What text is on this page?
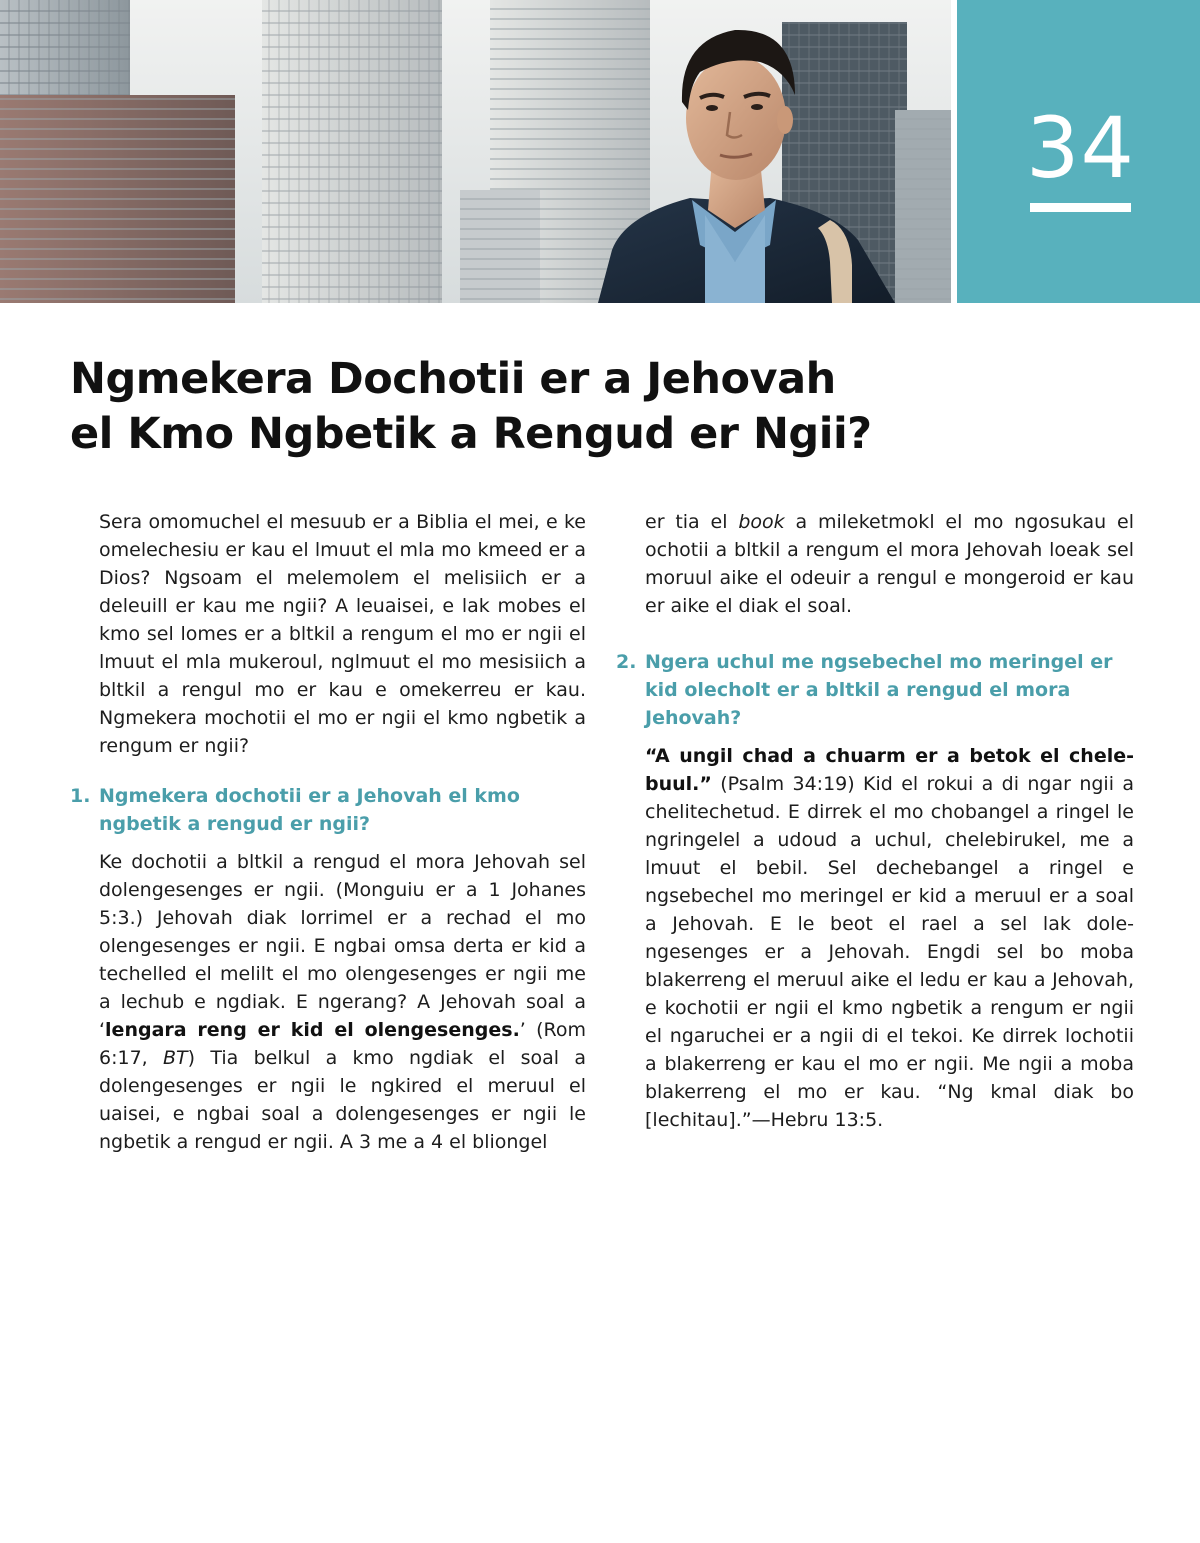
34
Ngmekera Dochotii er a Jehovah
el Kmo Ngbetik a Rengud er Ngii?

Sera omomuchel el mesuub er a Biblia el mei, e ke omelechesiu er kau el lmuut el mla mo kmeed er a Dios? Ngsoam el melemolem el melisiich er a deleuill er kau me ngii? A leuaisei, e lak mobes el kmo sel lomes er a bltkil a rengum el mo er ngii el lmuut el mla mukeroul, nglmuut el mo mesisiich a bltkil a rengul mo er kau e omekerreu er kau. Ngmekera mochotii el mo er ngii el kmo ngbetik a rengum er ngii?

1. Ngmekera dochotii er a Jehovah el kmo ngbetik a rengud er ngii?

Ke dochotii a bltkil a rengud el mora Jehovah sel dolengesenges er ngii. (Monguiu er a 1 Johanes 5:3.) Jehovah diak lorrimel er a rechad el mo olengesenges er ngii. E ngbai omsa derta er kid a techelled el melilt el mo olengesenges er ngii me a lechub e ngdiak. E ngerang? A Jehovah soal a ‘lengara reng er kid el olengesenges.’ (Rom 6:17, BT) Tia belkul a kmo ngdiak el soal a dolengesenges er ngii le ngkired el meruul el uaisei, e ngbai soal a dolengesenges er ngii le ngbetik a rengud er ngii. A 3 me a 4 el bliongel

er tia el book a mileketmokl el mo ngosukau el ochotii a bltkil a rengum el mora Jehovah loeak sel moruul aike el odeuir a rengul e mongeroid er kau er aike el diak el soal.

2. Ngera uchul me ngsebechel mo meringel er kid olecholt er a bltkil a rengud el mora Jehovah?

“A ungil chad a chuarm er a betok el chelebuul.” (Psalm 34:19) Kid el rokui a di ngar ngii a chelitechetud. E dirrek el mo chobangel a ringel le ngringelel a udoud a uchul, chelebirukel, me a lmuut el bebil. Sel dechebangel a ringel e ngsebechel mo meringel er kid a meruul er a soal a Jehovah. E le beot el rael a sel lak dolengesenges er a Jehovah. Engdi sel bo moba blakerreng el meruul aike el ledu er kau a Jehovah, e kochotii er ngii el kmo ngbetik a rengum er ngii el ngaruchei er a ngii di el tekoi. Ke dirrek lochotii a blakerreng er kau el mo er ngii. Me ngii a moba blakerreng el mo er kau. “Ng kmal diak bo [lechitau].”—Hebru 13:5.
